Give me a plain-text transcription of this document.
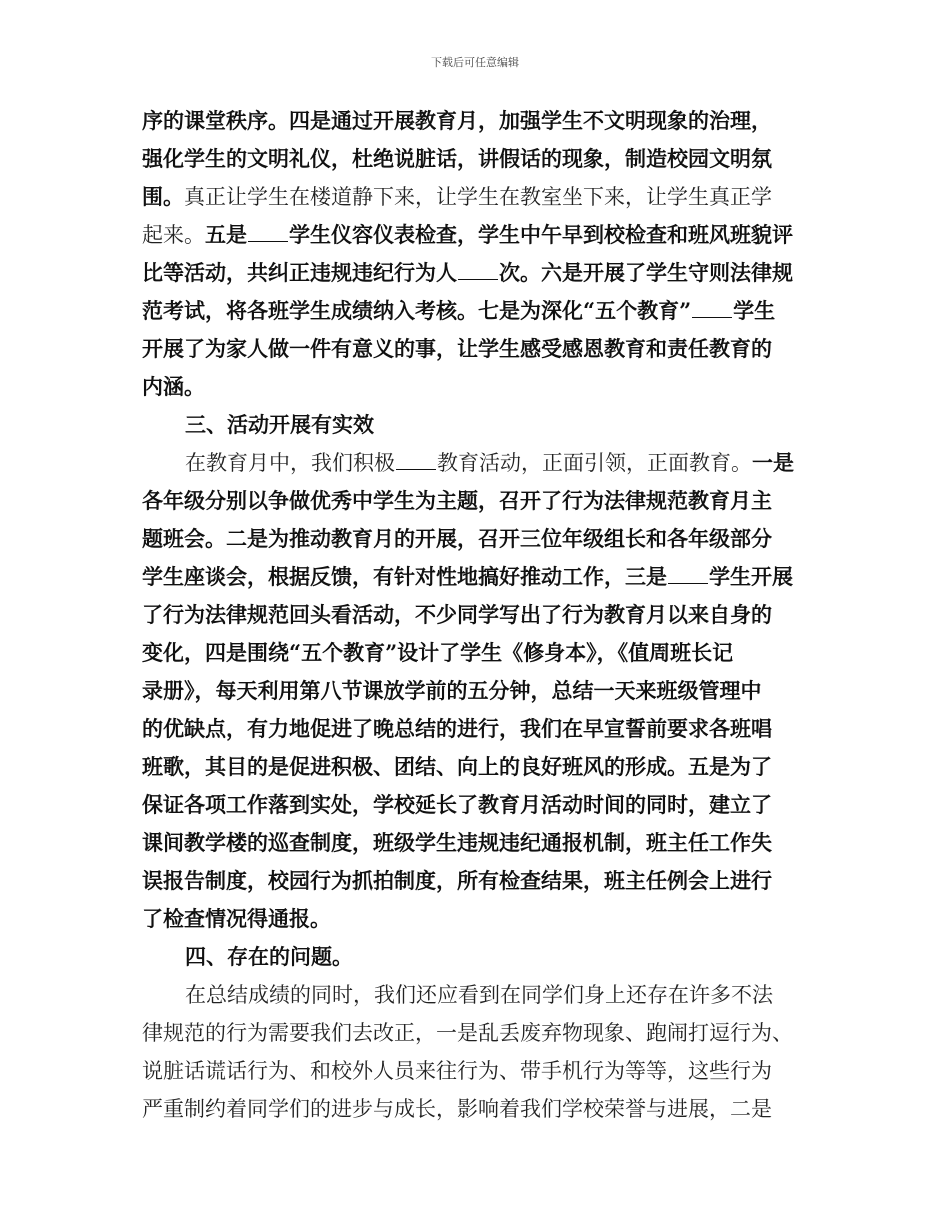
下载后可任意编辑
序的课堂秩序。四是通过开展教育月，加强学生不文明现象的治理，
强化学生的文明礼仪，杜绝说脏话，讲假话的现象，制造校园文明氛
围。真正让学生在楼道静下来，让学生在教室坐下来，让学生真正学
起来。五是 学生仪容仪表检查，学生中午早到校检查和班风班貌评
比等活动，共纠正违规违纪行为人 次。六是开展了学生守则法律规
范考试，将各班学生成绩纳入考核。七是为深化“五个教育” 学生
开展了为家人做一件有意义的事，让学生感受感恩教育和责任教育的
内涵。
三、活动开展有实效
在教育月中，我们积极 教育活动，正面引领，正面教育。一是
各年级分别以争做优秀中学生为主题，召开了行为法律规范教育月主
题班会。二是为推动教育月的开展，召开三位年级组长和各年级部分
学生座谈会，根据反馈，有针对性地搞好推动工作，三是 学生开展
了行为法律规范回头看活动，不少同学写出了行为教育月以来自身的
变化，四是围绕“五个教育”设计了学生《修身本》，《值周班长记
录册》，每天利用第八节课放学前的五分钟，总结一天来班级管理中
的优缺点，有力地促进了晚总结的进行，我们在早宣誓前要求各班唱
班歌，其目的是促进积极、团结、向上的良好班风的形成。五是为了
保证各项工作落到实处，学校延长了教育月活动时间的同时，建立了
课间教学楼的巡查制度，班级学生违规违纪通报机制，班主任工作失
误报告制度，校园行为抓拍制度，所有检查结果，班主任例会上进行
了检查情况得通报。
四、存在的问题。
在总结成绩的同时，我们还应看到在同学们身上还存在许多不法
律规范的行为需要我们去改正，一是乱丢废弃物现象、跑闹打逗行为、
说脏话谎话行为、和校外人员来往行为、带手机行为等等，这些行为
严重制约着同学们的进步与成长，影响着我们学校荣誉与进展，二是
